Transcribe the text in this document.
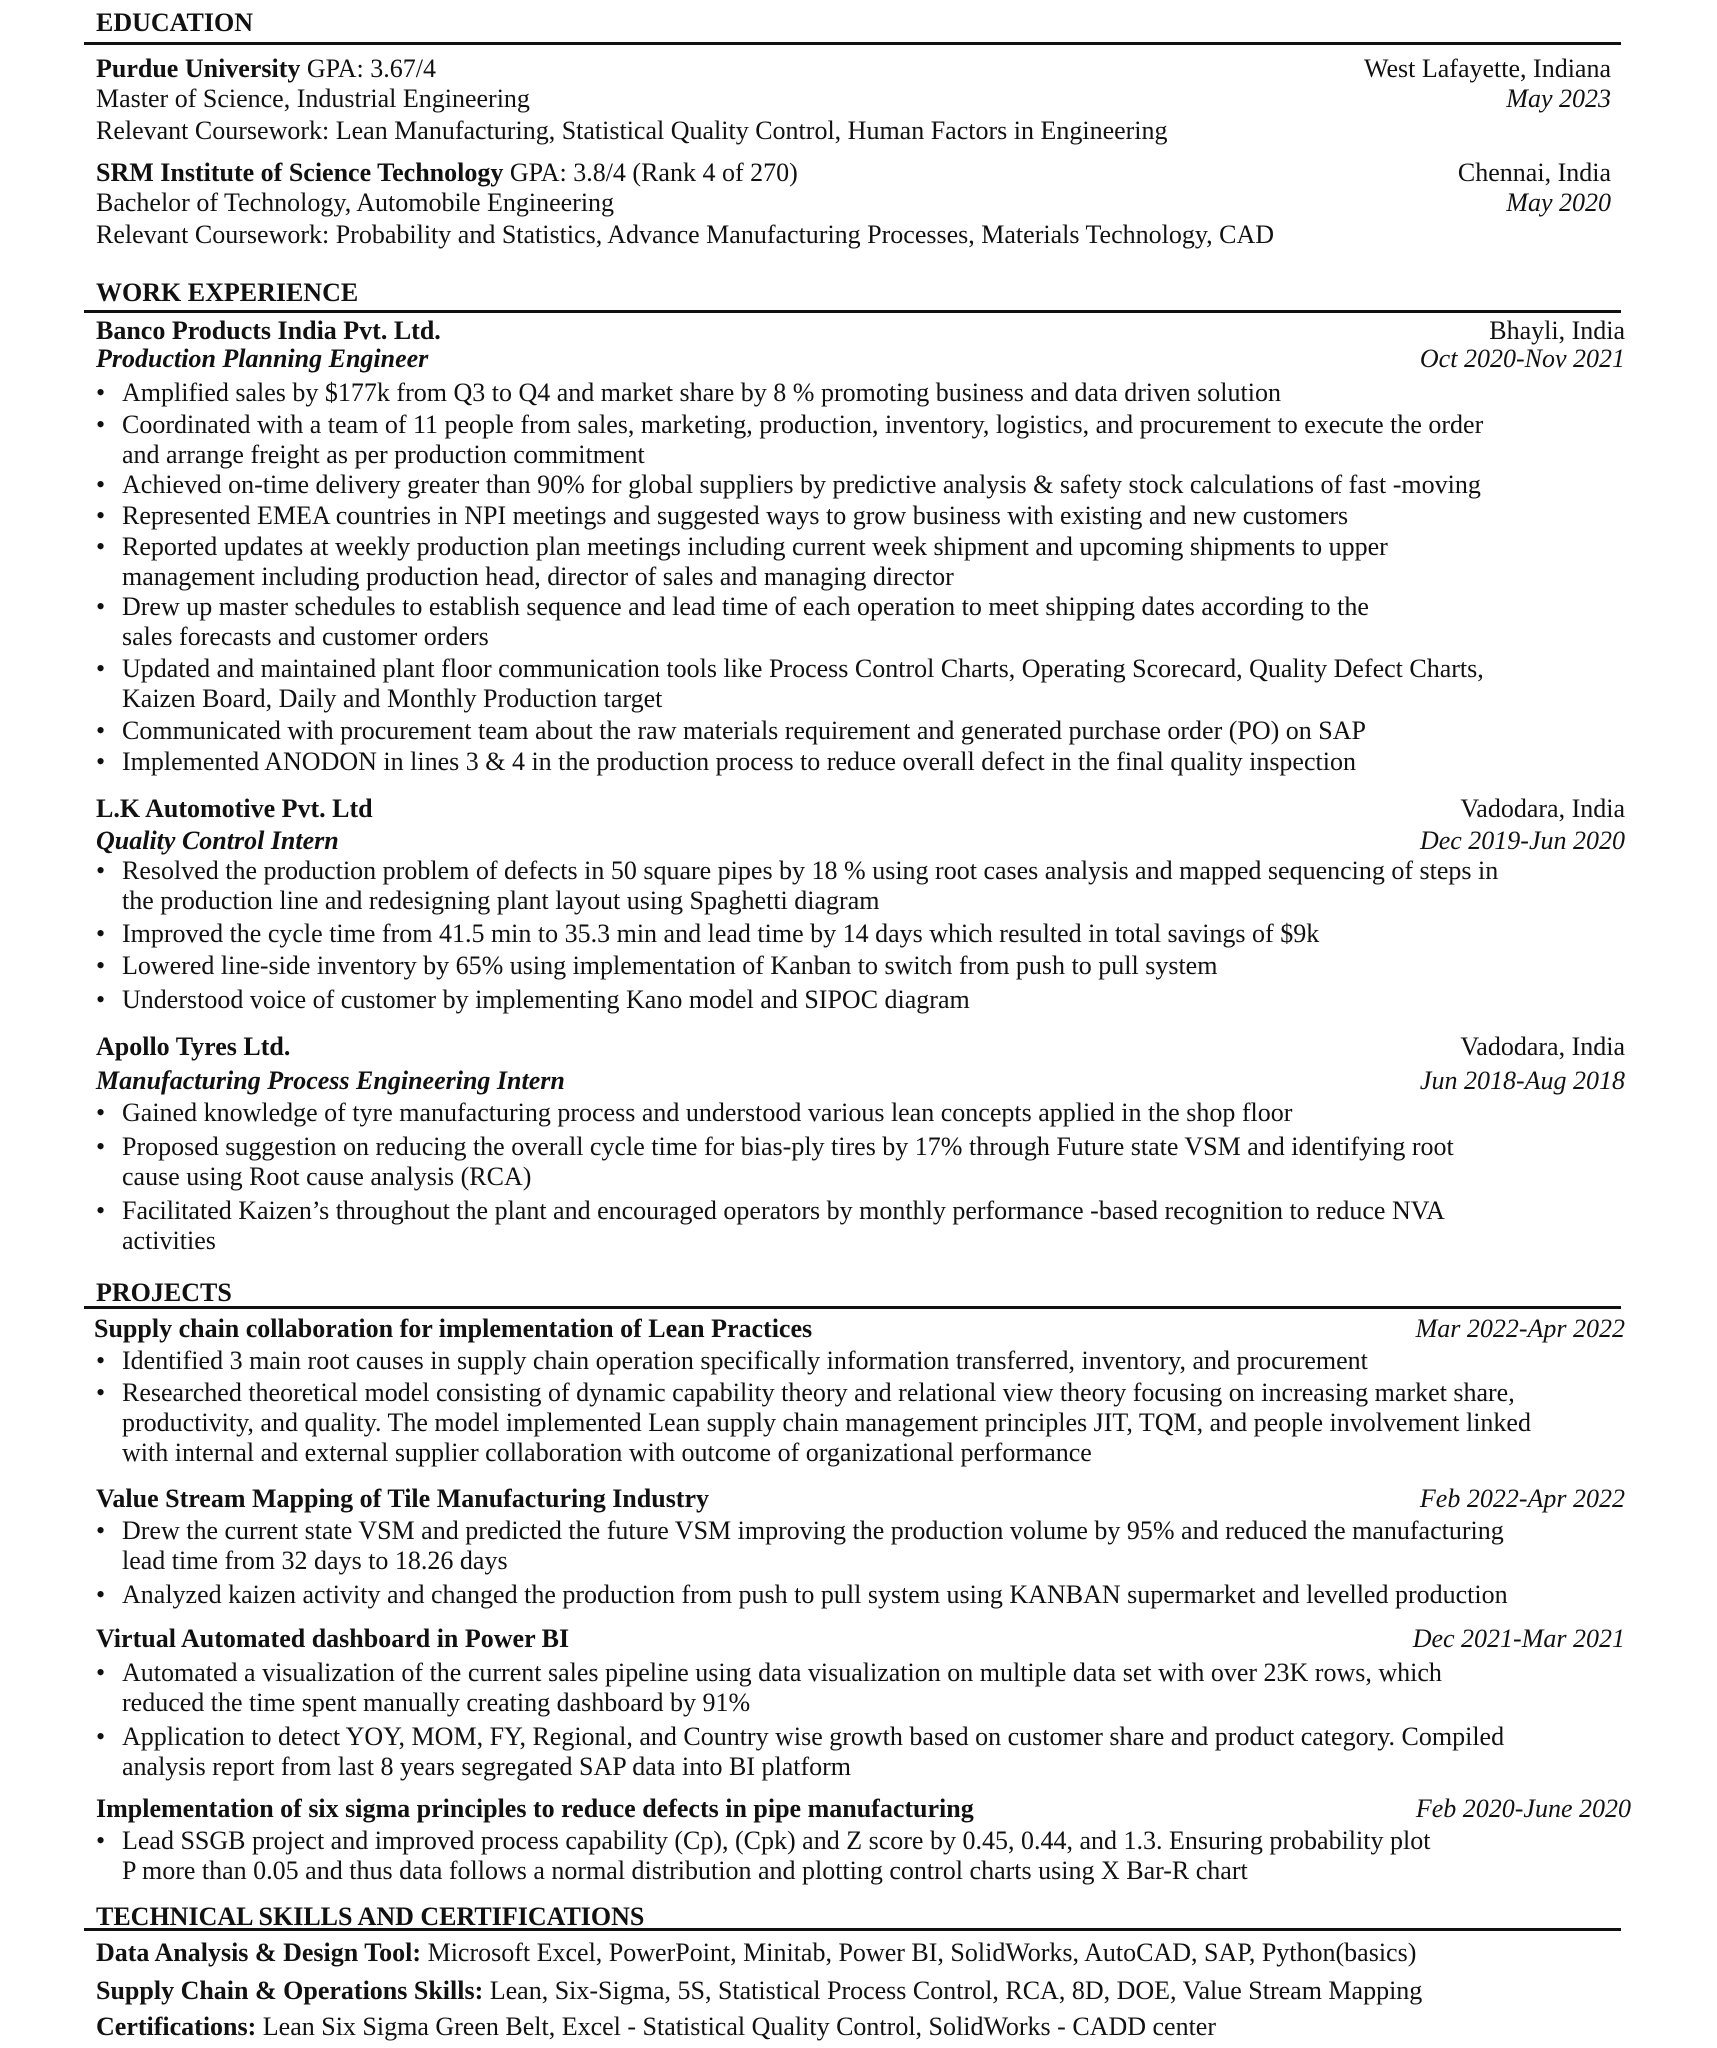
EDUCATION
Purdue University GPA: 3.67/4	West Lafayette, Indiana
Master of Science, Industrial Engineering	May 2023
Relevant Coursework: Lean Manufacturing, Statistical Quality Control, Human Factors in Engineering
SRM Institute of Science Technology GPA: 3.8/4 (Rank 4 of 270)	Chennai, India
Bachelor of Technology, Automobile Engineering	May 2020
Relevant Coursework: Probability and Statistics, Advance Manufacturing Processes, Materials Technology, CAD
WORK EXPERIENCE
Banco Products India Pvt. Ltd.	Bhayli, India
Production Planning Engineer	Oct 2020-Nov 2021
• Amplified sales by $177k from Q3 to Q4 and market share by 8 % promoting business and data driven solution
• Coordinated with a team of 11 people from sales, marketing, production, inventory, logistics, and procurement to execute the order
and arrange freight as per production commitment
• Achieved on-time delivery greater than 90% for global suppliers by predictive analysis & safety stock calculations of fast -moving
• Represented EMEA countries in NPI meetings and suggested ways to grow business with existing and new customers
• Reported updates at weekly production plan meetings including current week shipment and upcoming shipments to upper
management including production head, director of sales and managing director
• Drew up master schedules to establish sequence and lead time of each operation to meet shipping dates according to the
sales forecasts and customer orders
• Updated and maintained plant floor communication tools like Process Control Charts, Operating Scorecard, Quality Defect Charts,
Kaizen Board, Daily and Monthly Production target
• Communicated with procurement team about the raw materials requirement and generated purchase order (PO) on SAP
• Implemented ANODON in lines 3 & 4 in the production process to reduce overall defect in the final quality inspection
L.K Automotive Pvt. Ltd	Vadodara, India
Quality Control Intern	Dec 2019-Jun 2020
• Resolved the production problem of defects in 50 square pipes by 18 % using root cases analysis and mapped sequencing of steps in
the production line and redesigning plant layout using Spaghetti diagram
• Improved the cycle time from 41.5 min to 35.3 min and lead time by 14 days which resulted in total savings of $9k
• Lowered line-side inventory by 65% using implementation of Kanban to switch from push to pull system
• Understood voice of customer by implementing Kano model and SIPOC diagram
Apollo Tyres Ltd.	Vadodara, India
Manufacturing Process Engineering Intern	Jun 2018-Aug 2018
• Gained knowledge of tyre manufacturing process and understood various lean concepts applied in the shop floor
• Proposed suggestion on reducing the overall cycle time for bias-ply tires by 17% through Future state VSM and identifying root
cause using Root cause analysis (RCA)
• Facilitated Kaizen’s throughout the plant and encouraged operators by monthly performance -based recognition to reduce NVA
activities
PROJECTS
Supply chain collaboration for implementation of Lean Practices	Mar 2022-Apr 2022
• Identified 3 main root causes in supply chain operation specifically information transferred, inventory, and procurement
• Researched theoretical model consisting of dynamic capability theory and relational view theory focusing on increasing market share,
productivity, and quality. The model implemented Lean supply chain management principles JIT, TQM, and people involvement linked
with internal and external supplier collaboration with outcome of organizational performance
Value Stream Mapping of Tile Manufacturing Industry	Feb 2022-Apr 2022
• Drew the current state VSM and predicted the future VSM improving the production volume by 95% and reduced the manufacturing
lead time from 32 days to 18.26 days
• Analyzed kaizen activity and changed the production from push to pull system using KANBAN supermarket and levelled production
Virtual Automated dashboard in Power BI	Dec 2021-Mar 2021
• Automated a visualization of the current sales pipeline using data visualization on multiple data set with over 23K rows, which
reduced the time spent manually creating dashboard by 91%
• Application to detect YOY, MOM, FY, Regional, and Country wise growth based on customer share and product category. Compiled
analysis report from last 8 years segregated SAP data into BI platform
Implementation of six sigma principles to reduce defects in pipe manufacturing	Feb 2020-June 2020
• Lead SSGB project and improved process capability (Cp), (Cpk) and Z score by 0.45, 0.44, and 1.3. Ensuring probability plot
P more than 0.05 and thus data follows a normal distribution and plotting control charts using X Bar-R chart
TECHNICAL SKILLS AND CERTIFICATIONS
Data Analysis & Design Tool: Microsoft Excel, PowerPoint, Minitab, Power BI, SolidWorks, AutoCAD, SAP, Python(basics)
Supply Chain & Operations Skills: Lean, Six-Sigma, 5S, Statistical Process Control, RCA, 8D, DOE, Value Stream Mapping
Certifications: Lean Six Sigma Green Belt, Excel - Statistical Quality Control, SolidWorks - CADD center
